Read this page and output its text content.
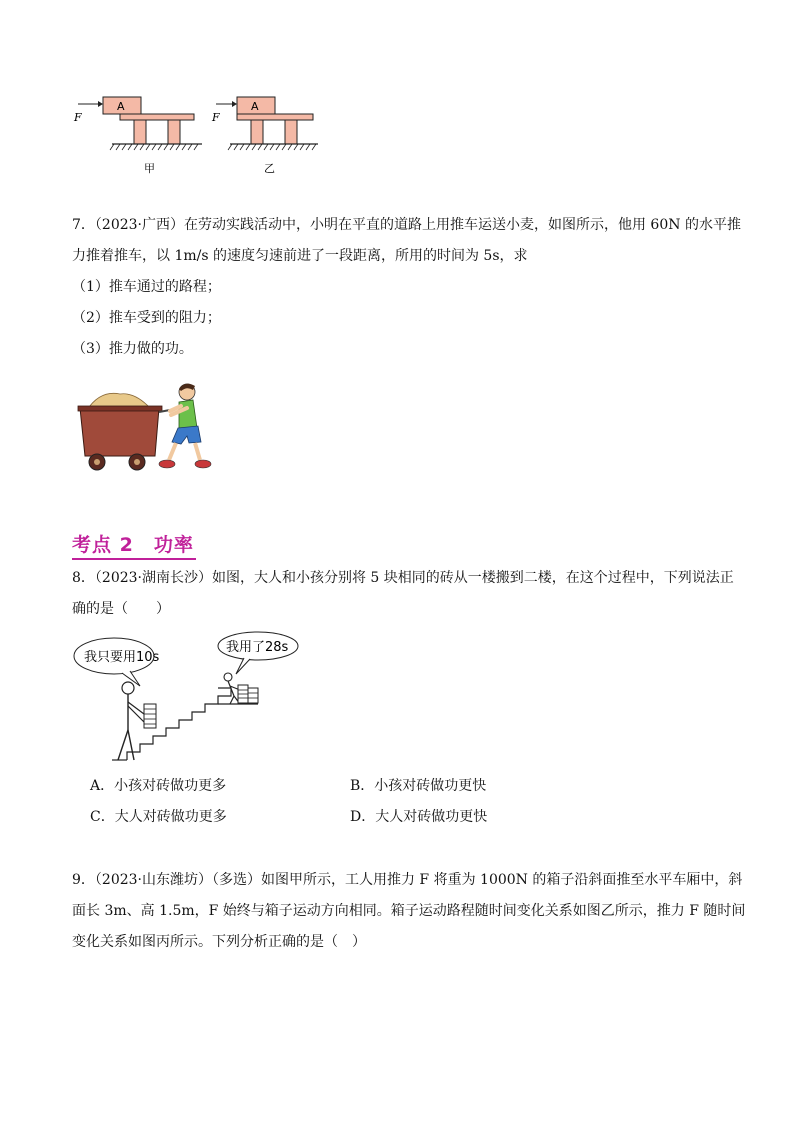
F
A
甲
F
A
乙
7．（2023·广西）在劳动实践活动中，小明在平直的道路上用推车运送小麦，如图所示，他用 60N 的水平推
力推着推车，以 1m/s 的速度匀速前进了一段距离，所用的时间为 5s，求
（1）推车通过的路程；
（2）推车受到的阻力；
（3）推力做的功。
考点 2　功率
8．（2023·湖南长沙）如图，大人和小孩分别将 5 块相同的砖从一楼搬到二楼，在这个过程中，下列说法正
确的是（　　）
我只要用10s
我用了28s
A．小孩对砖做功更多	B．小孩对砖做功更快
C．大人对砖做功更多	D．大人对砖做功更快
9．（2023·山东潍坊）（多选）如图甲所示，工人用推力 F 将重为 1000N 的箱子沿斜面推至水平车厢中，斜
面长 3m、高 1.5m，F 始终与箱子运动方向相同。箱子运动路程随时间变化关系如图乙所示，推力 F 随时间
变化关系如图丙所示。下列分析正确的是（　）
